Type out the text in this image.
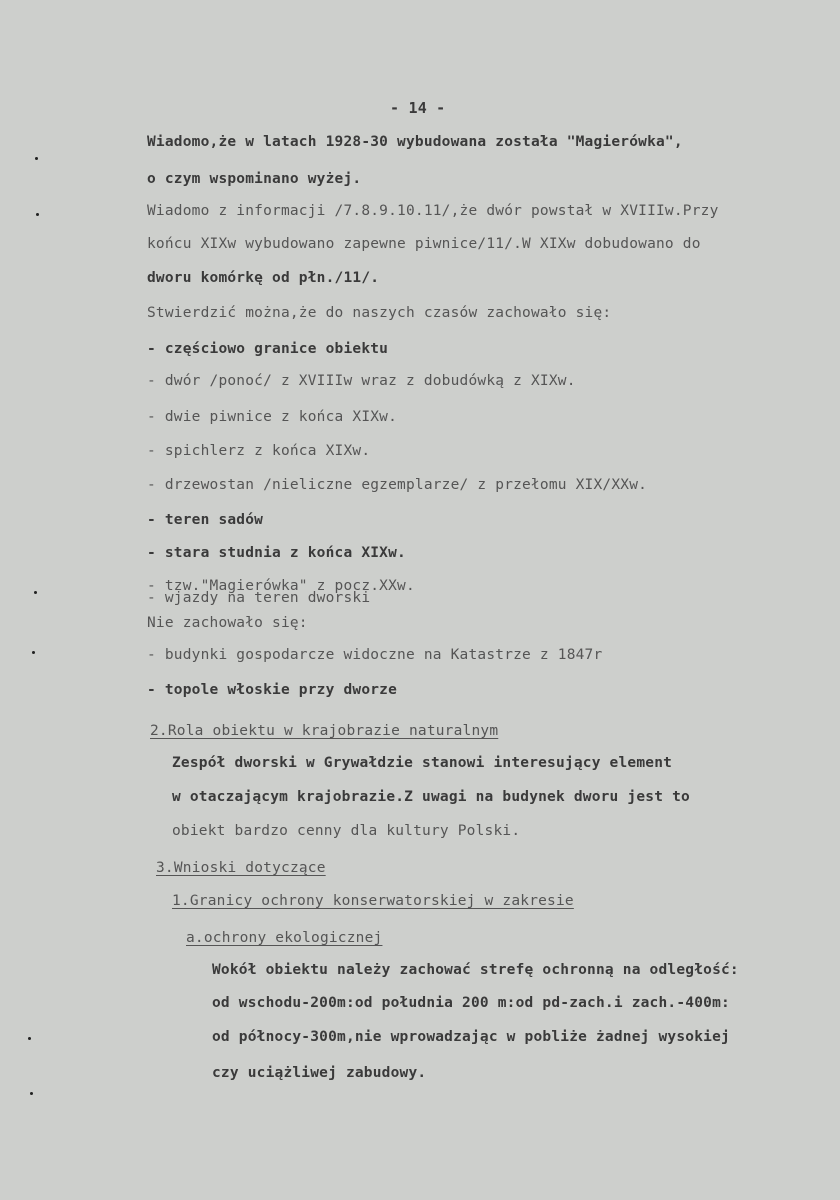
- 14 -
Wiadomo,że w latach 1928-30 wybudowana została "Magierówka",
o czym wspominano wyżej.
Wiadomo z informacji /7.8.9.10.11/,że dwór powstał w XVIIIw.Przy
końcu XIXw wybudowano zapewne piwnice/11/.W XIXw dobudowano do
dworu komórkę od płn./11/.
Stwierdzić można,że do naszych czasów zachowało się:
- częściowo granice obiektu
- dwór /ponoć/ z XVIIIw wraz z dobudówką z XIXw.
- dwie piwnice z końca XIXw.
- spichlerz z końca XIXw.
- drzewostan /nieliczne egzemplarze/ z przełomu XIX/XXw.
- teren sadów
- stara studnia z końca XIXw.
- tzw."Magierówka" z pocz.XXw.
- wjazdy na teren dworski
Nie zachowało się:
- budynki gospodarcze widoczne na Katastrze z 1847r
- topole włoskie przy dworze
2.Rola obiektu w krajobrazie naturalnym
Zespół dworski w Grywałdzie stanowi interesujący element
w otaczającym krajobrazie.Z uwagi na budynek dworu jest to
obiekt bardzo cenny dla kultury Polski.
3.Wnioski dotyczące
1.Granicy ochrony konserwatorskiej w zakresie
a.ochrony ekologicznej
Wokół obiektu należy zachować strefę ochronną na odległość:
od wschodu-200m:od południa 200 m:od pd-zach.i zach.-400m:
od północy-300m,nie wprowadzając w pobliże żadnej wysokiej
czy uciążliwej zabudowy.
